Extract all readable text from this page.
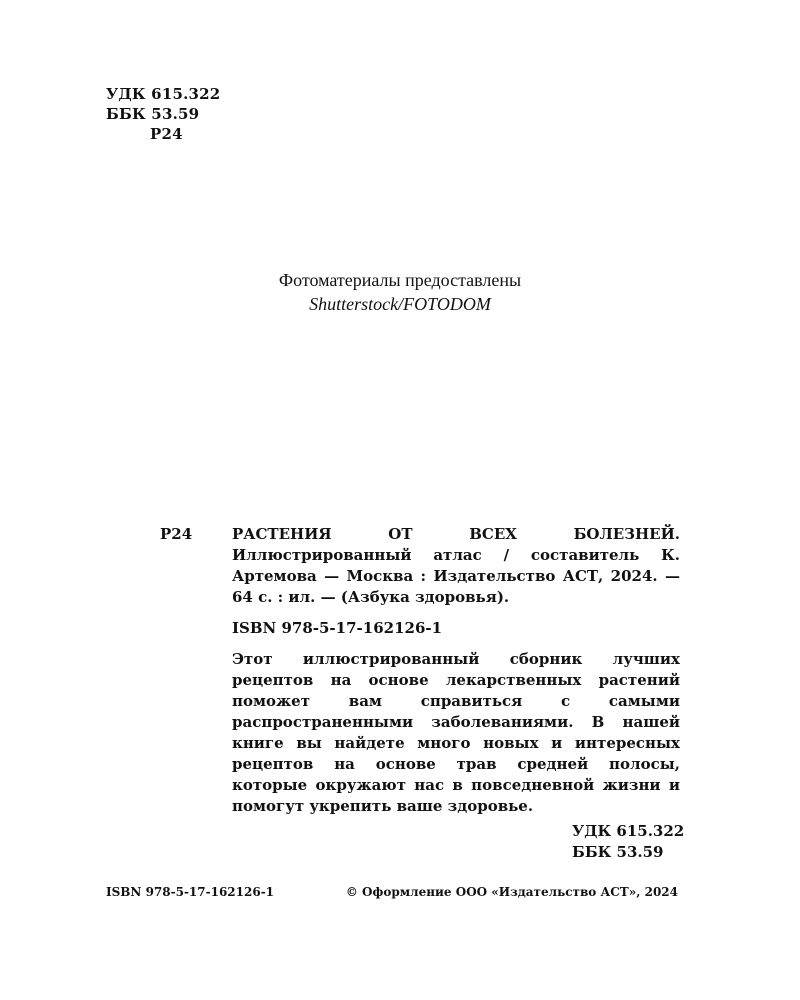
УДК 615.322
ББК 53.59
Р24
Фотоматериалы предоставлены
Shutterstock/FOTODOM
Р24	РАСТЕНИЯ ОТ ВСЕХ БОЛЕЗНЕЙ. Иллюстрированный атлас / составитель К. Артемова — Москва : Издательство АСТ, 2024. — 64 с. : ил. — (Азбука здоровья).
ISBN 978-5-17-162126-1
Этот иллюстрированный сборник лучших рецептов на основе лекарственных растений поможет вам справиться с самыми распространенными заболеваниями. В нашей книге вы найдете много новых и интересных рецептов на основе трав средней полосы, которые окружают нас в повседневной жизни и помогут укрепить ваше здоровье.
УДК 615.322
ББК 53.59
ISBN 978-5-17-162126-1	© Оформление ООО «Издательство АСТ», 2024
